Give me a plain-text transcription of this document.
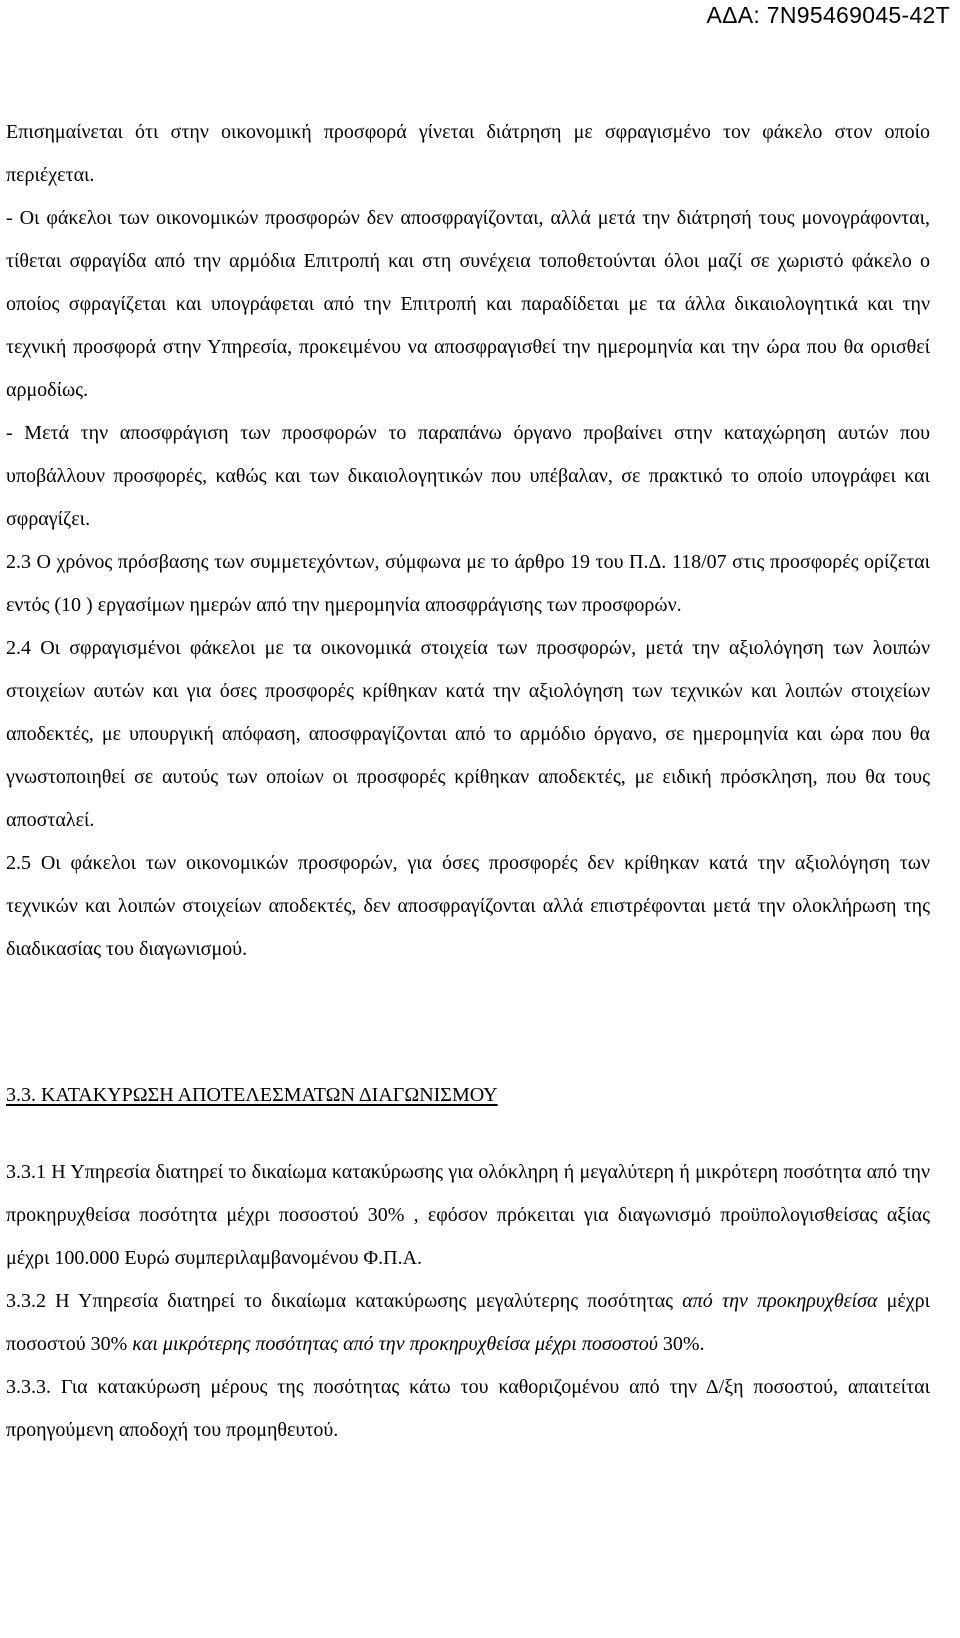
ΑΔΑ: 7Ν95469045-42Τ

Επισημαίνεται ότι στην οικονομική προσφορά γίνεται διάτρηση με σφραγισμένο τον φάκελο στον οποίο περιέχεται.

- Οι φάκελοι των οικονομικών προσφορών δεν αποσφραγίζονται, αλλά μετά την διάτρησή τους μονογράφονται, τίθεται σφραγίδα από την αρμόδια Επιτροπή και στη συνέχεια τοποθετούνται όλοι μαζί σε χωριστό φάκελο ο οποίος σφραγίζεται και υπογράφεται από την Επιτροπή και παραδίδεται με τα άλλα δικαιολογητικά και την τεχνική προσφορά στην Υπηρεσία, προκειμένου να αποσφραγισθεί την ημερομηνία και την ώρα που θα ορισθεί αρμοδίως.

- Μετά την αποσφράγιση των προσφορών το παραπάνω όργανο προβαίνει στην καταχώρηση αυτών που υποβάλλουν προσφορές, καθώς και των δικαιολογητικών που υπέβαλαν, σε πρακτικό το οποίο υπογράφει και σφραγίζει.

2.3 Ο χρόνος πρόσβασης των συμμετεχόντων, σύμφωνα με το άρθρο 19 του Π.Δ. 118/07 στις προσφορές ορίζεται εντός (10 ) εργασίμων ημερών από την ημερομηνία αποσφράγισης των προσφορών.

2.4 Οι σφραγισμένοι φάκελοι με τα οικονομικά στοιχεία των προσφορών, μετά την αξιολόγηση των λοιπών στοιχείων αυτών και για όσες προσφορές κρίθηκαν κατά την αξιολόγηση των τεχνικών και λοιπών στοιχείων αποδεκτές, με υπουργική απόφαση, αποσφραγίζονται από το αρμόδιο όργανο, σε ημερομηνία και ώρα που θα γνωστοποιηθεί σε αυτούς των οποίων οι προσφορές κρίθηκαν αποδεκτές, με ειδική πρόσκληση, που θα τους αποσταλεί.

2.5 Οι φάκελοι των οικονομικών προσφορών, για όσες προσφορές δεν κρίθηκαν κατά την αξιολόγηση των τεχνικών και λοιπών στοιχείων αποδεκτές, δεν αποσφραγίζονται αλλά επιστρέφονται μετά την ολοκλήρωση της διαδικασίας του διαγωνισμού.

3.3. ΚΑΤΑΚΥΡΩΣΗ ΑΠΟΤΕΛΕΣΜΑΤΩΝ ΔΙΑΓΩΝΙΣΜΟΥ

3.3.1 Η Υπηρεσία διατηρεί το δικαίωμα κατακύρωσης για ολόκληρη ή μεγαλύτερη ή μικρότερη ποσότητα από την προκηρυχθείσα ποσότητα μέχρι ποσοστού 30% , εφόσον πρόκειται για διαγωνισμό προϋπολογισθείσας αξίας μέχρι 100.000 Ευρώ συμπεριλαμβανομένου Φ.Π.Α.

3.3.2 Η Υπηρεσία διατηρεί το δικαίωμα κατακύρωσης μεγαλύτερης ποσότητας από την προκηρυχθείσα μέχρι ποσοστού 30% και μικρότερης ποσότητας από την προκηρυχθείσα μέχρι ποσοστού 30%.

3.3.3. Για κατακύρωση μέρους της ποσότητας κάτω του καθοριζομένου από την Δ/ξη ποσοστού, απαιτείται προηγούμενη αποδοχή του προμηθευτού.
